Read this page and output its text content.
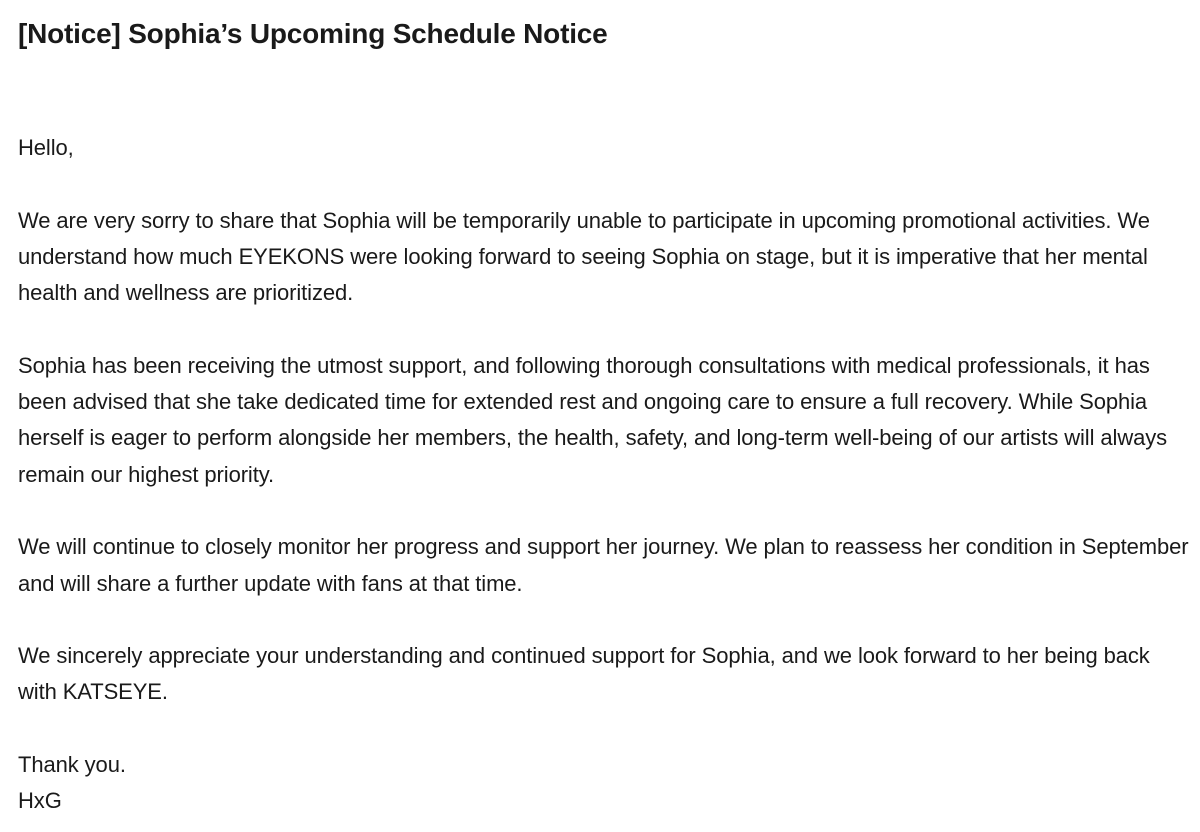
[Notice] Sophia’s Upcoming Schedule Notice

Hello,

We are very sorry to share that Sophia will be temporarily unable to participate in upcoming promotional activities. We understand how much EYEKONS were looking forward to seeing Sophia on stage, but it is imperative that her mental health and wellness are prioritized.

Sophia has been receiving the utmost support, and following thorough consultations with medical professionals, it has been advised that she take dedicated time for extended rest and ongoing care to ensure a full recovery. While Sophia herself is eager to perform alongside her members, the health, safety, and long-term well-being of our artists will always remain our highest priority.

We will continue to closely monitor her progress and support her journey. We plan to reassess her condition in September and will share a further update with fans at that time.

We sincerely appreciate your understanding and continued support for Sophia, and we look forward to her being back with KATSEYE.

Thank you.

HxG
